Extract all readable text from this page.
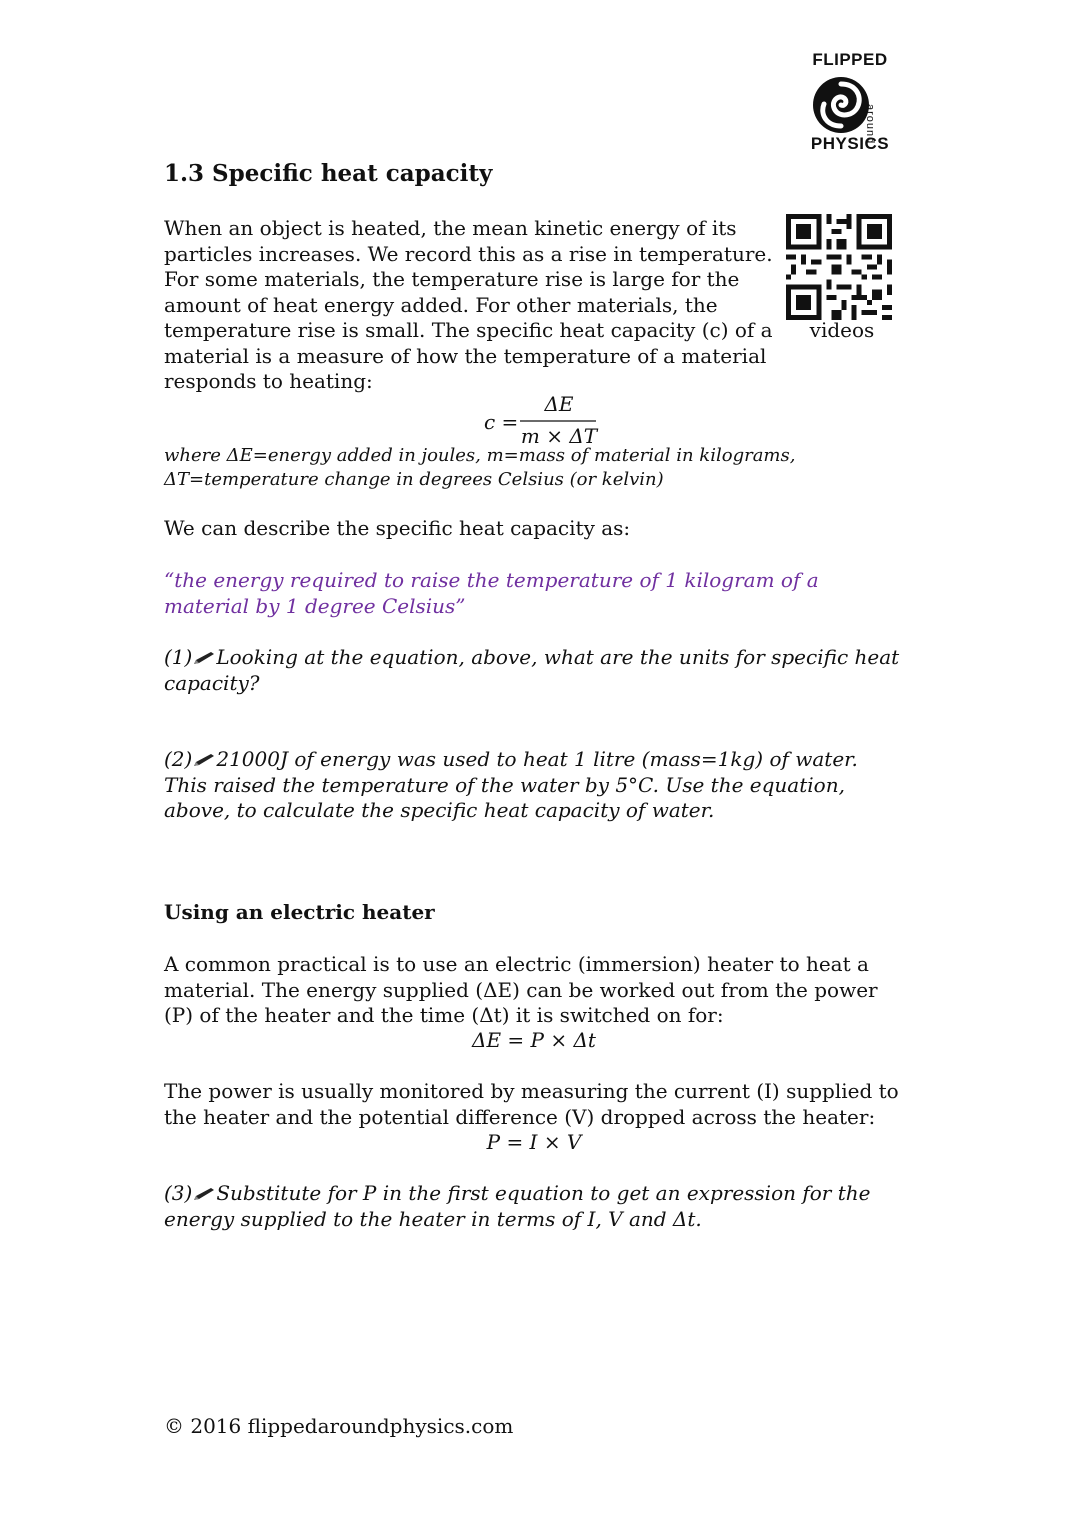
FLIPPED
around
PHYSICS
1.3 Specific heat capacity
When an object is heated, the mean kinetic energy of its particles increases. We record this as a rise in temperature. For some materials, the temperature rise is large for the amount of heat energy added. For other materials, the temperature rise is small. The specific heat capacity (c) of a material is a measure of how the temperature of a material responds to heating:
videos
c =
ΔE
m × ΔT
where ΔE=energy added in joules, m=mass of material in kilograms, ΔT=temperature change in degrees Celsius (or kelvin)
We can describe the specific heat capacity as:
“the energy required to raise the temperature of 1 kilogram of a material by 1 degree Celsius”
(1) Looking at the equation, above, what are the units for specific heat capacity?
(2) 21000J of energy was used to heat 1 litre (mass=1kg) of water. This raised the temperature of the water by 5°C. Use the equation, above, to calculate the specific heat capacity of water.
Using an electric heater
A common practical is to use an electric (immersion) heater to heat a material. The energy supplied (ΔE) can be worked out from the power (P) of the heater and the time (Δt) it is switched on for:
ΔE = P × Δt
The power is usually monitored by measuring the current (I) supplied to the heater and the potential difference (V) dropped across the heater:
P = I × V
(3) Substitute for P in the first equation to get an expression for the energy supplied to the heater in terms of I, V and Δt.
© 2016 flippedaroundphysics.com
